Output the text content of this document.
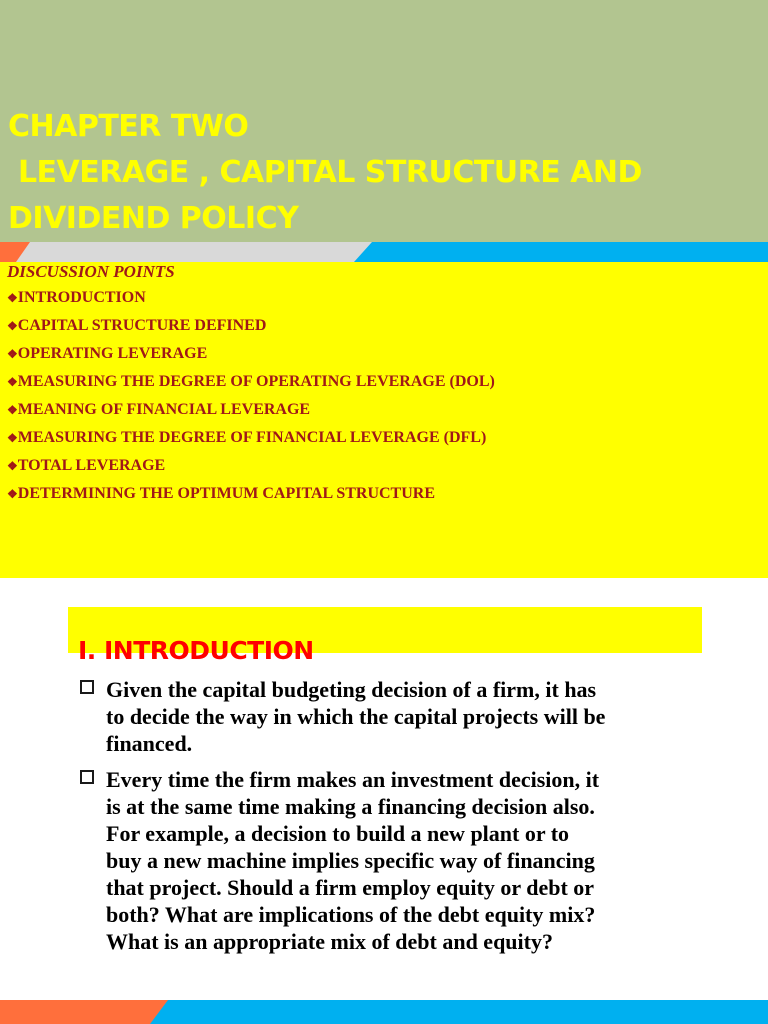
CHAPTER TWO
LEVERAGE , CAPITAL STRUCTURE AND
DIVIDEND POLICY
DISCUSSION POINTS
❖INTRODUCTION
❖CAPITAL STRUCTURE DEFINED
❖OPERATING LEVERAGE
❖MEASURING THE DEGREE OF OPERATING LEVERAGE (DOL)
❖MEANING OF FINANCIAL LEVERAGE
❖MEASURING THE DEGREE OF FINANCIAL LEVERAGE (DFL)
❖TOTAL LEVERAGE
❖DETERMINING THE OPTIMUM CAPITAL STRUCTURE
I. INTRODUCTION
Given the capital budgeting decision of a firm, it has
to decide the way in which the capital projects will be
financed.
Every time the firm makes an investment decision, it
is at the same time making a financing decision also.
For example, a decision to build a new plant or to
buy a new machine implies specific way of financing
that project. Should a firm employ equity or debt or
both? What are implications of the debt equity mix?
What is an appropriate mix of debt and equity?
